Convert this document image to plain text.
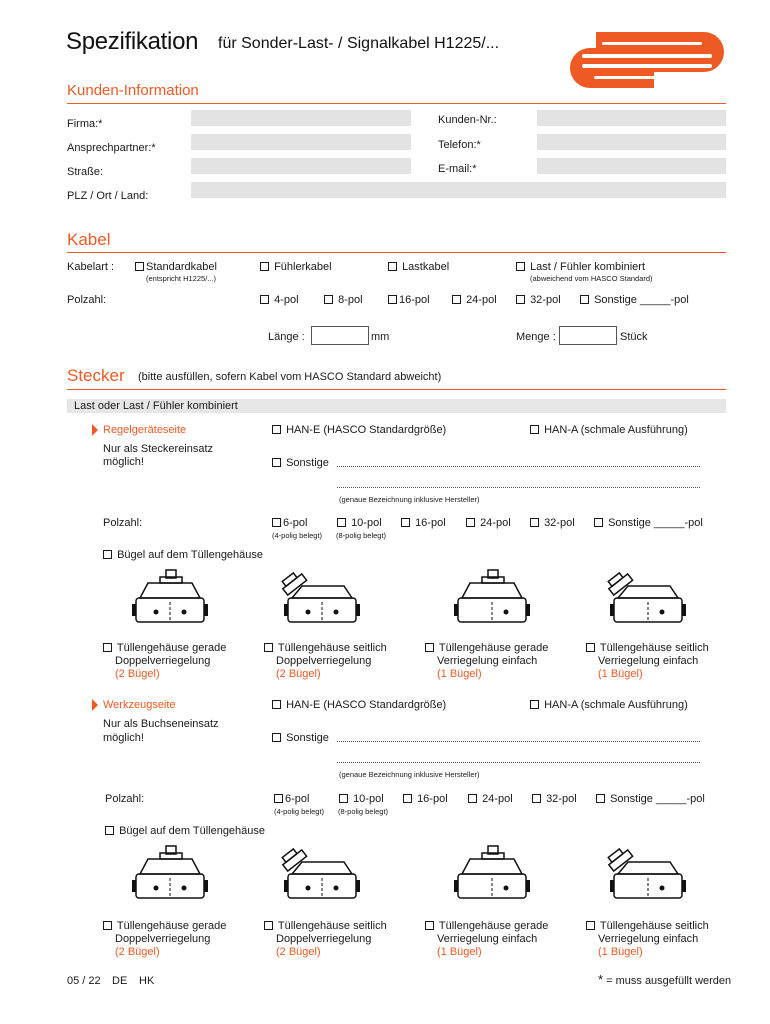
Spezifikation für Sonder-Last- / Signalkabel H1225/...
Kunden-Information
Firma:*
Ansprechpartner:*
Straße:
PLZ / Ort / Land:
Kunden-Nr.:
Telefon:*
E-mail:*
Kabel
Kabelart :	Standardkabel
(entspricht H1225/...)
Fühlerkabel	Lastkabel	Last / Fühler kombiniert
(abweichend vom HASCO Standard)
Polzahl:	4-pol	8-pol	16-pol	24-pol	32-pol	Sonstige _____-pol
Länge :	mm	Menge :	Stück
Stecker (bitte ausfüllen, sofern Kabel vom HASCO Standard abweicht)
Last oder Last / Fühler kombiniert
Regelgeräteseite
Nur als Steckereinsatz
möglich!
HAN-E (HASCO Standardgröße)	HAN-A (schmale Ausführung)
Sonstige
(genaue Bezeichnung inklusive Hersteller)
Polzahl:	6-pol	10-pol	16-pol	24-pol	32-pol	Sonstige _____-pol
(4-polig belegt) (8-polig belegt)
Bügel auf dem Tüllengehäuse
Tüllengehäuse gerade
Doppelverriegelung
(2 Bügel)
Tüllengehäuse seitlich
Doppelverriegelung
(2 Bügel)
Tüllengehäuse gerade
Verriegelung einfach
(1 Bügel)
Tüllengehäuse seitlich
Verriegelung einfach
(1 Bügel)
Werkzeugseite
Nur als Buchseneinsatz
möglich!
HAN-E (HASCO Standardgröße)	HAN-A (schmale Ausführung)
Sonstige
(genaue Bezeichnung inklusive Hersteller)
Polzahl:	6-pol	10-pol	16-pol	24-pol	32-pol	Sonstige _____-pol
(4-polig belegt) (8-polig belegt)
Bügel auf dem Tüllengehäuse
Tüllengehäuse gerade
Doppelverriegelung
(2 Bügel)
Tüllengehäuse seitlich
Doppelverriegelung
(2 Bügel)
Tüllengehäuse gerade
Verriegelung einfach
(1 Bügel)
Tüllengehäuse seitlich
Verriegelung einfach
(1 Bügel)
05 / 22 DE HK	* = muss ausgefüllt werden
